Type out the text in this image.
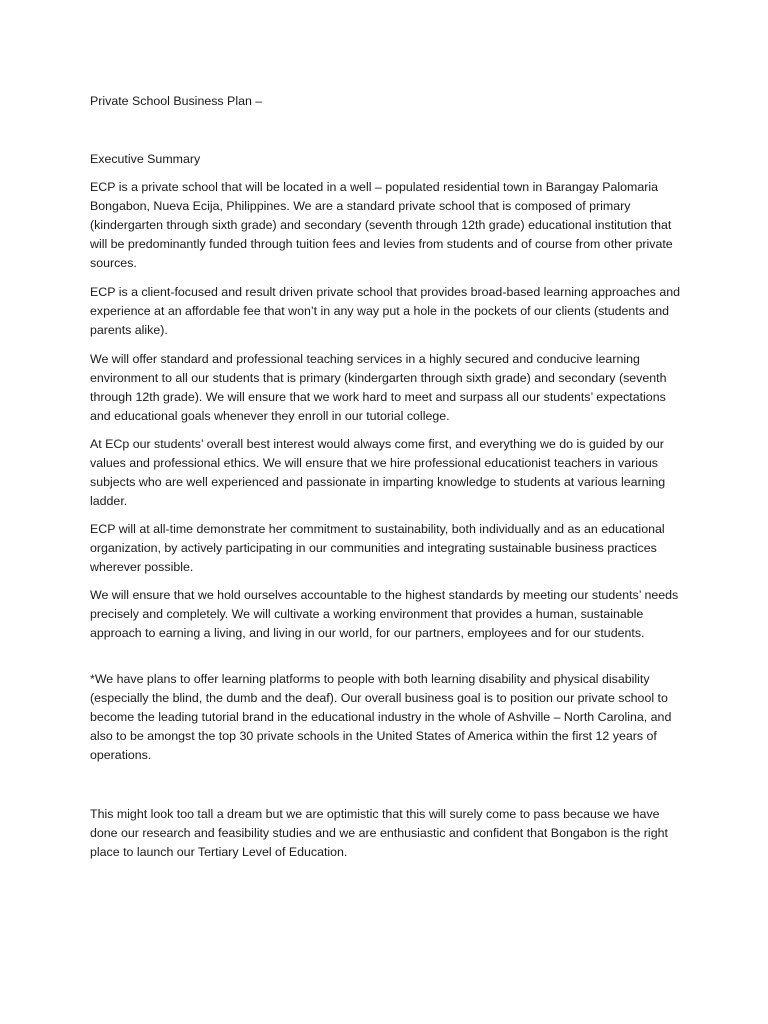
Private School Business Plan –
Executive Summary

ECP is a private school that will be located in a well – populated residential town in Barangay Palomaria Bongabon, Nueva Ecija, Philippines. We are a standard private school that is composed of primary (kindergarten through sixth grade) and secondary (seventh through 12th grade) educational institution that will be predominantly funded through tuition fees and levies from students and of course from other private sources.

ECP is a client-focused and result driven private school that provides broad-based learning approaches and experience at an affordable fee that won’t in any way put a hole in the pockets of our clients (students and parents alike).

We will offer standard and professional teaching services in a highly secured and conducive learning environment to all our students that is primary (kindergarten through sixth grade) and secondary (seventh through 12th grade). We will ensure that we work hard to meet and surpass all our students’ expectations and educational goals whenever they enroll in our tutorial college.

At ECp our students’ overall best interest would always come first, and everything we do is guided by our values and professional ethics. We will ensure that we hire professional educationist teachers in various subjects who are well experienced and passionate in imparting knowledge to students at various learning ladder.

ECP will at all-time demonstrate her commitment to sustainability, both individually and as an educational organization, by actively participating in our communities and integrating sustainable business practices wherever possible.

We will ensure that we hold ourselves accountable to the highest standards by meeting our students’ needs precisely and completely. We will cultivate a working environment that provides a human, sustainable approach to earning a living, and living in our world, for our partners, employees and for our students.

*We have plans to offer learning platforms to people with both learning disability and physical disability (especially the blind, the dumb and the deaf). Our overall business goal is to position our private school to become the leading tutorial brand in the educational industry in the whole of Ashville – North Carolina, and also to be amongst the top 30 private schools in the United States of America within the first 12 years of operations.

This might look too tall a dream but we are optimistic that this will surely come to pass because we have done our research and feasibility studies and we are enthusiastic and confident that Bongabon is the right place to launch our Tertiary Level of Education.
